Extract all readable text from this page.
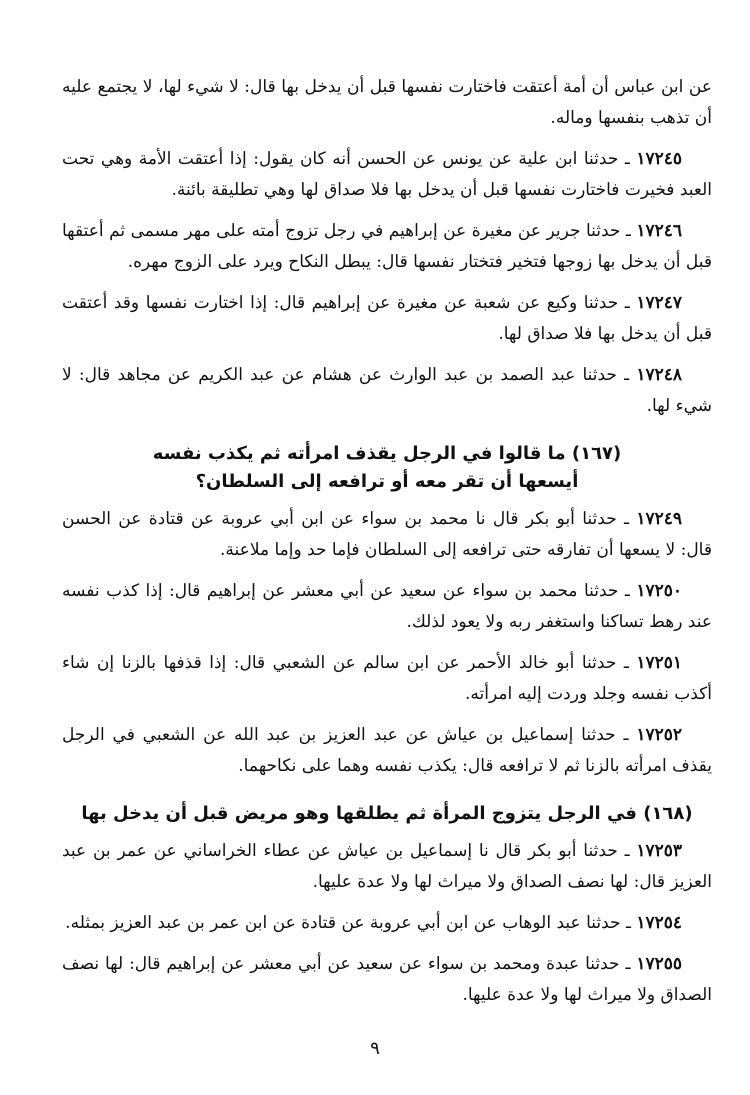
عن ابن عباس أن أمة أعتقت فاختارت نفسها قبل أن يدخل بها قال: لا شيء لها، لا يجتمع عليه أن تذهب بنفسها وماله.

١٧٢٤٥ ـ حدثنا ابن علية عن يونس عن الحسن أنه كان يقول: إذا أعتقت الأمة وهي تحت العبد فخيرت فاختارت نفسها قبل أن يدخل بها فلا صداق لها وهي تطليقة بائنة.

١٧٢٤٦ ـ حدثنا جرير عن مغيرة عن إبراهيم في رجل تزوج أمته على مهر مسمى ثم أعتقها قبل أن يدخل بها زوجها فتخير فتختار نفسها قال: يبطل النكاح ويرد على الزوج مهره.

١٧٢٤٧ ـ حدثنا وكيع عن شعبة عن مغيرة عن إبراهيم قال: إذا اختارت نفسها وقد أعتقت قبل أن يدخل بها فلا صداق لها.

١٧٢٤٨ ـ حدثنا عبد الصمد بن عبد الوارث عن هشام عن عبد الكريم عن مجاهد قال: لا شيء لها.

(١٦٧) ما قالوا في الرجل يقذف امرأته ثم يكذب نفسه
أيسعها أن تقر معه أو ترافعه إلى السلطان؟

١٧٢٤٩ ـ حدثنا أبو بكر قال نا محمد بن سواء عن ابن أبي عروبة عن قتادة عن الحسن قال: لا يسعها أن تفارقه حتى ترافعه إلى السلطان فإما حد وإما ملاعنة.

١٧٢٥٠ ـ حدثنا محمد بن سواء عن سعيد عن أبي معشر عن إبراهيم قال: إذا كذب نفسه عند رهط تساكنا واستغفر ربه ولا يعود لذلك.

١٧٢٥١ ـ حدثنا أبو خالد الأحمر عن ابن سالم عن الشعبي قال: إذا قذفها بالزنا إن شاء أكذب نفسه وجلد وردت إليه امرأته.

١٧٢٥٢ ـ حدثنا إسماعيل بن عياش عن عبد العزيز بن عبد الله عن الشعبي في الرجل يقذف امرأته بالزنا ثم لا ترافعه قال: يكذب نفسه وهما على نكاحهما.

(١٦٨) في الرجل يتزوج المرأة ثم يطلقها وهو مريض قبل أن يدخل بها

١٧٢٥٣ ـ حدثنا أبو بكر قال نا إسماعيل بن عياش عن عطاء الخراساني عن عمر بن عبد العزيز قال: لها نصف الصداق ولا ميراث لها ولا عدة عليها.

١٧٢٥٤ ـ حدثنا عبد الوهاب عن ابن أبي عروبة عن قتادة عن ابن عمر بن عبد العزيز بمثله.

١٧٢٥٥ ـ حدثنا عبدة ومحمد بن سواء عن سعيد عن أبي معشر عن إبراهيم قال: لها نصف الصداق ولا ميراث لها ولا عدة عليها.

٩
